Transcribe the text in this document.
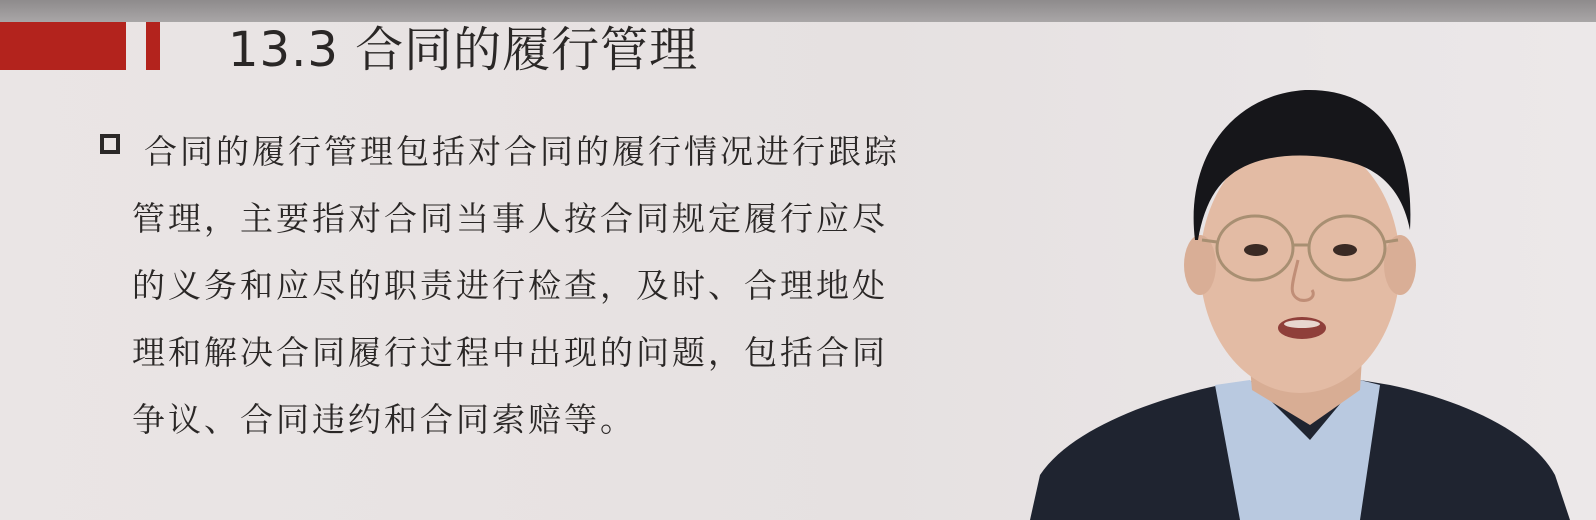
13.3 合同的履行管理
合同的履行管理包括对合同的履行情况进行跟踪
管理，主要指对合同当事人按合同规定履行应尽
的义务和应尽的职责进行检查，及时、合理地处
理和解决合同履行过程中出现的问题，包括合同
争议、合同违约和合同索赔等。
